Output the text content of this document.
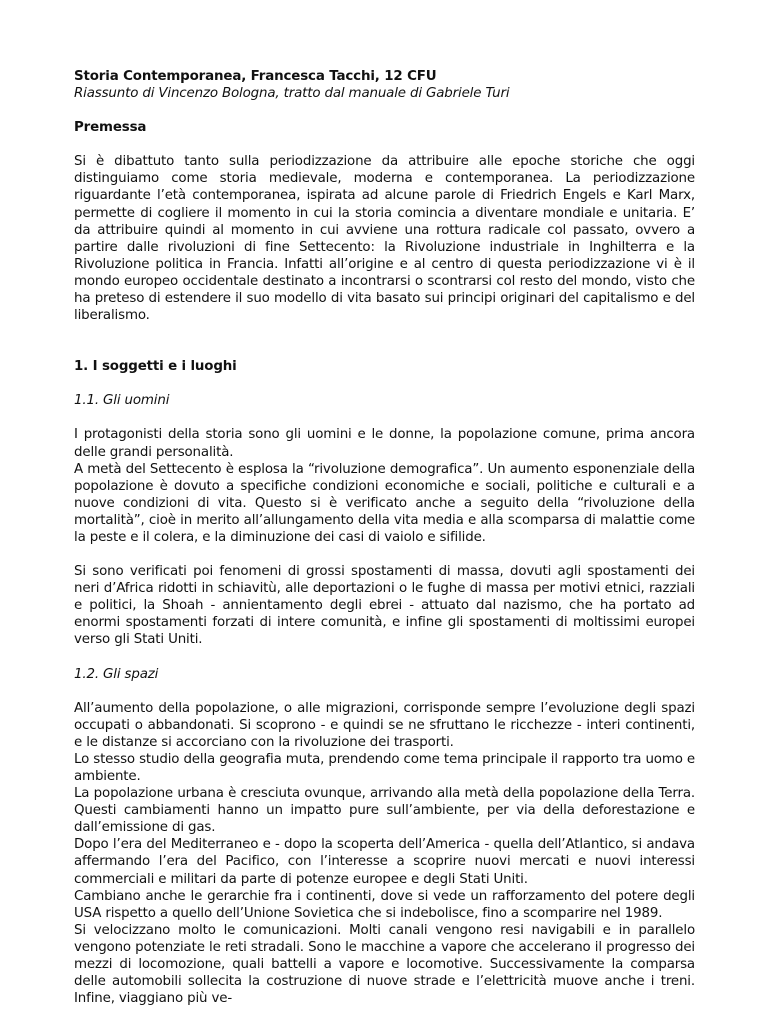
Storia Contemporanea, Francesca Tacchi, 12 CFU

Riassunto di Vincenzo Bologna, tratto dal manuale di Gabriele Turi

Premessa

Si è dibattuto tanto sulla periodizzazione da attribuire alle epoche storiche che oggi distinguiamo come storia medievale, moderna e contemporanea. La periodizzazione riguardante l’età contemporanea, ispirata ad alcune parole di Friedrich Engels e Karl Marx, permette di cogliere il momento in cui la storia comincia a diventare mondiale e unitaria. E’ da attribuire quindi al momento in cui avviene una rottura radicale col passato, ovvero a partire dalle rivoluzioni di fine Settecento: la Rivoluzione industriale in Inghilterra e la Rivoluzione politica in Francia. Infatti all’origine e al centro di questa periodizzazione vi è il mondo europeo occidentale destinato a incontrarsi o scontrarsi col resto del mondo, visto che ha preteso di estendere il suo modello di vita basato sui principi originari del capitalismo e del liberalismo.

1. I soggetti e i luoghi

1.1. Gli uomini

I protagonisti della storia sono gli uomini e le donne, la popolazione comune, prima ancora delle grandi personalità.

A metà del Settecento è esplosa la “rivoluzione demografica”. Un aumento esponenziale della popolazione è dovuto a specifiche condizioni economiche e sociali, politiche e culturali e a nuove condizioni di vita. Questo si è verificato anche a seguito della “rivoluzione della mortalità”, cioè in merito all’allungamento della vita media e alla scomparsa di malattie come la peste e il colera, e la diminuzione dei casi di vaiolo e sifilide.

Si sono verificati poi fenomeni di grossi spostamenti di massa, dovuti agli spostamenti dei neri d’Africa ridotti in schiavitù, alle deportazioni o le fughe di massa per motivi etnici, razziali e politici, la Shoah - annientamento degli ebrei - attuato dal nazismo, che ha portato ad enormi spostamenti forzati di intere comunità, e infine gli spostamenti di moltissimi europei verso gli Stati Uniti.

1.2. Gli spazi

All’aumento della popolazione, o alle migrazioni, corrisponde sempre l’evoluzione degli spazi occupati o abbandonati. Si scoprono - e quindi se ne sfruttano le ricchezze - interi continenti, e le distanze si accorciano con la rivoluzione dei trasporti.

Lo stesso studio della geografia muta, prendendo come tema principale il rapporto tra uomo e ambiente.

La popolazione urbana è cresciuta ovunque, arrivando alla metà della popolazione della Terra. Questi cambiamenti hanno un impatto pure sull’ambiente, per via della deforestazione e dall’emissione di gas.

Dopo l’era del Mediterraneo e - dopo la scoperta dell’America - quella dell’Atlantico, si andava affermando l’era del Pacifico, con l’interesse a scoprire nuovi mercati e nuovi interessi commerciali e militari da parte di potenze europee e degli Stati Uniti.

Cambiano anche le gerarchie fra i continenti, dove si vede un rafforzamento del potere degli USA rispetto a quello dell’Unione Sovietica che si indebolisce, fino a scomparire nel 1989.

Si velocizzano molto le comunicazioni. Molti canali vengono resi navigabili e in parallelo vengono potenziate le reti stradali. Sono le macchine a vapore che accelerano il progresso dei mezzi di locomozione, quali battelli a vapore e locomotive. Successivamente la comparsa delle automobili sollecita la costruzione di nuove strade e l’elettricità muove anche i treni. Infine, viaggiano più ve-
